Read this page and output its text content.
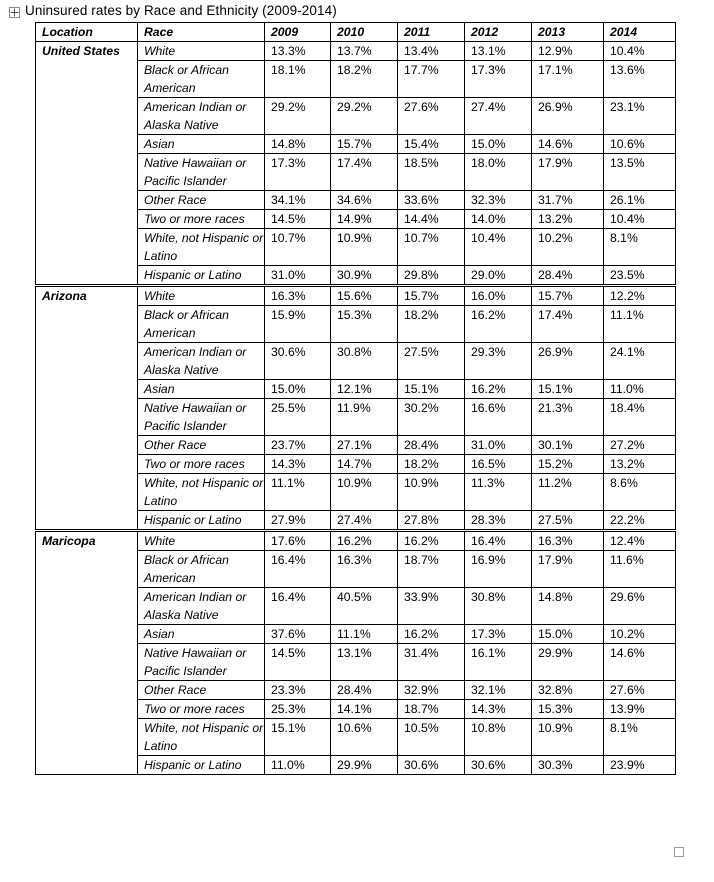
Uninsured rates by Race and Ethnicity (2009-2014)
Location	Race	2009	2010	2011	2012	2013	2014
United States	White	13.3%	13.7%	13.4%	13.1%	12.9%	10.4%
	Black or African American	18.1%	18.2%	17.7%	17.3%	17.1%	13.6%
	American Indian or Alaska Native	29.2%	29.2%	27.6%	27.4%	26.9%	23.1%
	Asian	14.8%	15.7%	15.4%	15.0%	14.6%	10.6%
	Native Hawaiian or Pacific Islander	17.3%	17.4%	18.5%	18.0%	17.9%	13.5%
	Other Race	34.1%	34.6%	33.6%	32.3%	31.7%	26.1%
	Two or more races	14.5%	14.9%	14.4%	14.0%	13.2%	10.4%
	White, not Hispanic or Latino	10.7%	10.9%	10.7%	10.4%	10.2%	8.1%
	Hispanic or Latino	31.0%	30.9%	29.8%	29.0%	28.4%	23.5%
Arizona	White	16.3%	15.6%	15.7%	16.0%	15.7%	12.2%
	Black or African American	15.9%	15.3%	18.2%	16.2%	17.4%	11.1%
	American Indian or Alaska Native	30.6%	30.8%	27.5%	29.3%	26.9%	24.1%
	Asian	15.0%	12.1%	15.1%	16.2%	15.1%	11.0%
	Native Hawaiian or Pacific Islander	25.5%	11.9%	30.2%	16.6%	21.3%	18.4%
	Other Race	23.7%	27.1%	28.4%	31.0%	30.1%	27.2%
	Two or more races	14.3%	14.7%	18.2%	16.5%	15.2%	13.2%
	White, not Hispanic or Latino	11.1%	10.9%	10.9%	11.3%	11.2%	8.6%
	Hispanic or Latino	27.9%	27.4%	27.8%	28.3%	27.5%	22.2%
Maricopa	White	17.6%	16.2%	16.2%	16.4%	16.3%	12.4%
	Black or African American	16.4%	16.3%	18.7%	16.9%	17.9%	11.6%
	American Indian or Alaska Native	16.4%	40.5%	33.9%	30.8%	14.8%	29.6%
	Asian	37.6%	11.1%	16.2%	17.3%	15.0%	10.2%
	Native Hawaiian or Pacific Islander	14.5%	13.1%	31.4%	16.1%	29.9%	14.6%
	Other Race	23.3%	28.4%	32.9%	32.1%	32.8%	27.6%
	Two or more races	25.3%	14.1%	18.7%	14.3%	15.3%	13.9%
	White, not Hispanic or Latino	15.1%	10.6%	10.5%	10.8%	10.9%	8.1%
	Hispanic or Latino	11.0%	29.9%	30.6%	30.6%	30.3%	23.9%
